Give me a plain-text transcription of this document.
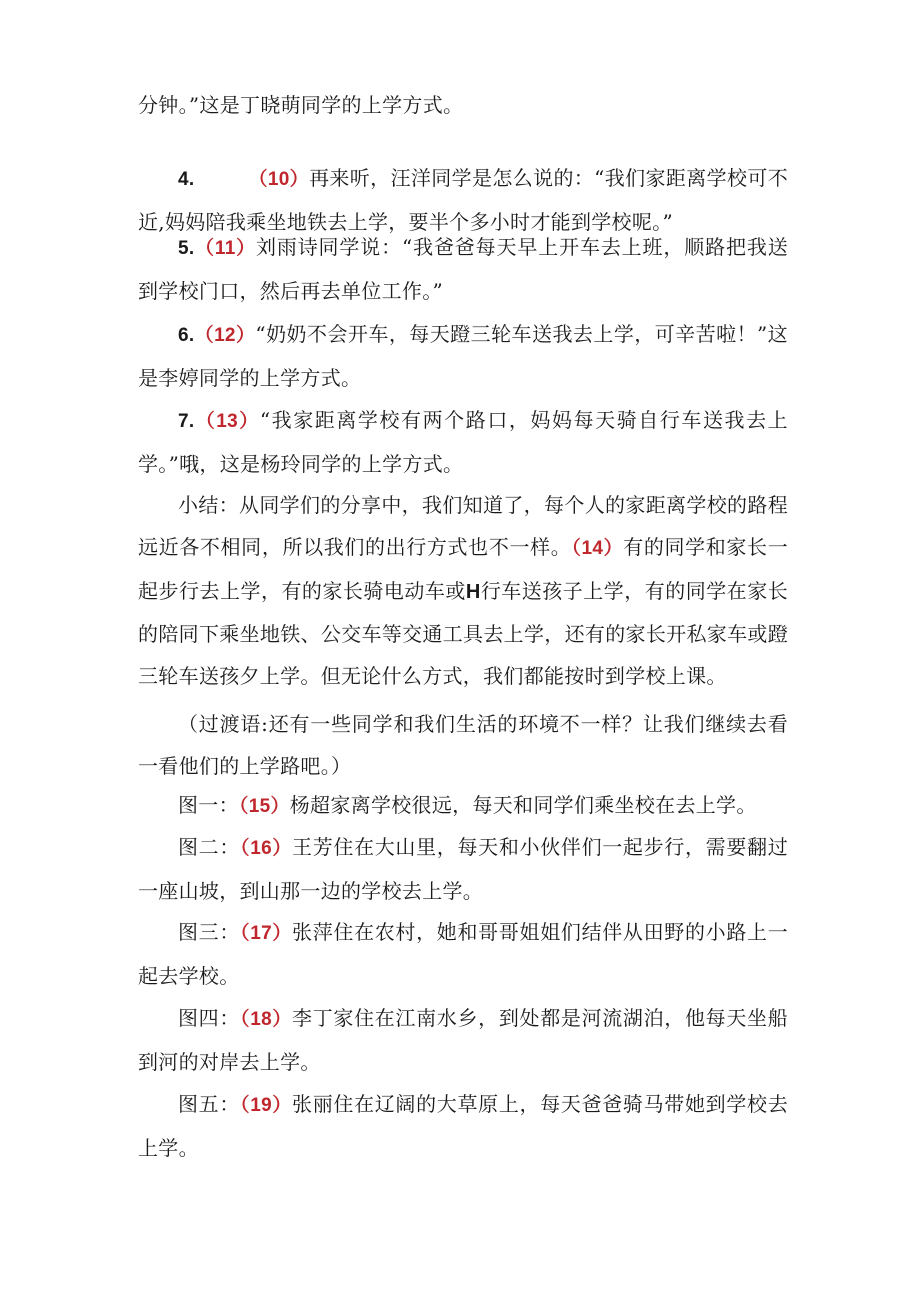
分钟。”这是丁晓萌同学的上学方式。

4.	（10）再来听，汪洋同学是怎么说的：“我们家距离学校可不近,妈妈陪我乘坐地铁去上学，要半个多小时才能到学校呢。”

5.（11）刘雨诗同学说：“我爸爸每天早上开车去上班，顺路把我送到学校门口，然后再去单位工作。”

6.（12）“奶奶不会开车，每天蹬三轮车送我去上学，可辛苦啦！”这是李婷同学的上学方式。

7.（13）“我家距离学校有两个路口，妈妈每天骑自行车送我去上学。”哦，这是杨玲同学的上学方式。

小结：从同学们的分享中，我们知道了，每个人的家距离学校的路程远近各不相同，所以我们的出行方式也不一样。（14）有的同学和家长一起步行去上学，有的家长骑电动车或H行车送孩子上学，有的同学在家长的陪同下乘坐地铁、公交车等交通工具去上学，还有的家长开私家车或蹬三轮车送孩夕上学。但无论什么方式，我们都能按时到学校上课。

（过渡语:还有一些同学和我们生活的环境不一样？让我们继续去看一看他们的上学路吧。）

图一：（15）杨超家离学校很远，每天和同学们乘坐校在去上学。

图二：（16）王芳住在大山里，每天和小伙伴们一起步行，需要翻过一座山坡，到山那一边的学校去上学。

图三：（17）张萍住在农村，她和哥哥姐姐们结伴从田野的小路上一起去学校。

图四：（18）李丁家住在江南水乡，到处都是河流湖泊，他每天坐船到河的对岸去上学。

图五：（19）张丽住在辽阔的大草原上，每天爸爸骑马带她到学校去上学。
